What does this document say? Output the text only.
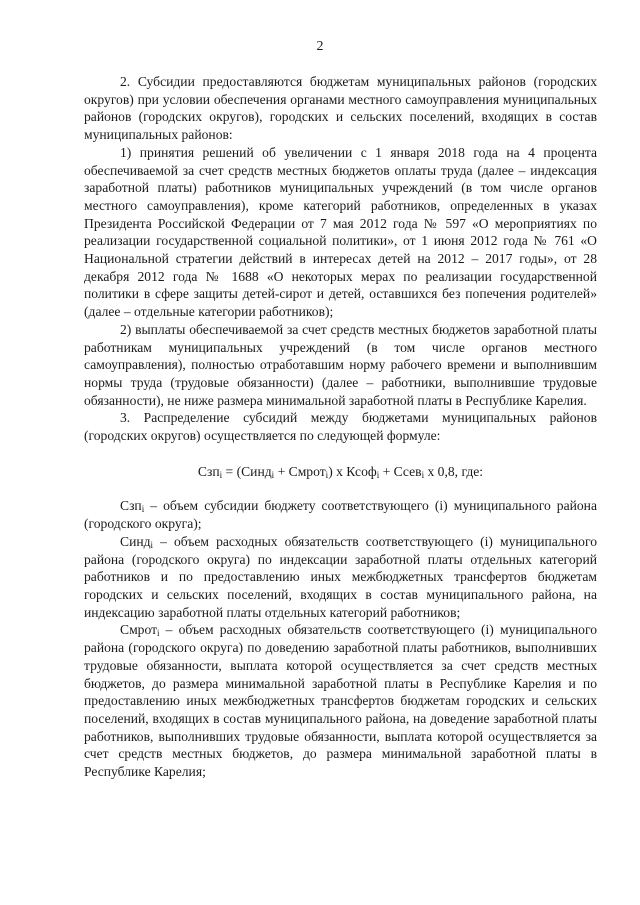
2

2. Субсидии предоставляются бюджетам муниципальных районов (городских округов) при условии обеспечения органами местного самоуправления муниципальных районов (городских округов), городских и сельских поселений, входящих в состав муниципальных районов:

1) принятия решений об увеличении с 1 января 2018 года на 4 процента обеспечиваемой за счет средств местных бюджетов оплаты труда (далее – индексация заработной платы) работников муниципальных учреждений (в том числе органов местного самоуправления), кроме категорий работников, определенных в указах Президента Российской Федерации от 7 мая 2012 года № 597 «О мероприятиях по реализации государственной социальной политики», от 1 июня 2012 года № 761 «О Национальной стратегии действий в интересах детей на 2012 – 2017 годы», от 28 декабря 2012 года № 1688 «О некоторых мерах по реализации государственной политики в сфере защиты детей-сирот и детей, оставшихся без попечения родителей» (далее – отдельные категории работников);

2) выплаты обеспечиваемой за счет средств местных бюджетов заработной платы работникам муниципальных учреждений (в том числе органов местного самоуправления), полностью отработавшим норму рабочего времени и выполнившим нормы труда (трудовые обязанности) (далее – работники, выполнившие трудовые обязанности), не ниже размера минимальной заработной платы в Республике Карелия.

3. Распределение субсидий между бюджетами муниципальных районов (городских округов) осуществляется по следующей формуле:

Сзп$_i$ = (Синд$_i$ + Смрот$_i$) х Ксоф$_i$ + Ссев$_i$ х 0,8, где:

Сзп$_i$ – объем субсидии бюджету соответствующего (i) муниципального района (городского округа);

Синд$_i$ – объем расходных обязательств соответствующего (i) муниципального района (городского округа) по индексации заработной платы отдельных категорий работников и по предоставлению иных межбюджетных трансфертов бюджетам городских и сельских поселений, входящих в состав муниципального района, на индексацию заработной платы отдельных категорий работников;

Смрот$_i$ – объем расходных обязательств соответствующего (i) муниципального района (городского округа) по доведению заработной платы работников, выполнивших трудовые обязанности, выплата которой осуществляется за счет средств местных бюджетов, до размера минимальной заработной платы в Республике Карелия и по предоставлению иных межбюджетных трансфертов бюджетам городских и сельских поселений, входящих в состав муниципального района, на доведение заработной платы работников, выполнивших трудовые обязанности, выплата которой осуществляется за счет средств местных бюджетов, до размера минимальной заработной платы в Республике Карелия;
